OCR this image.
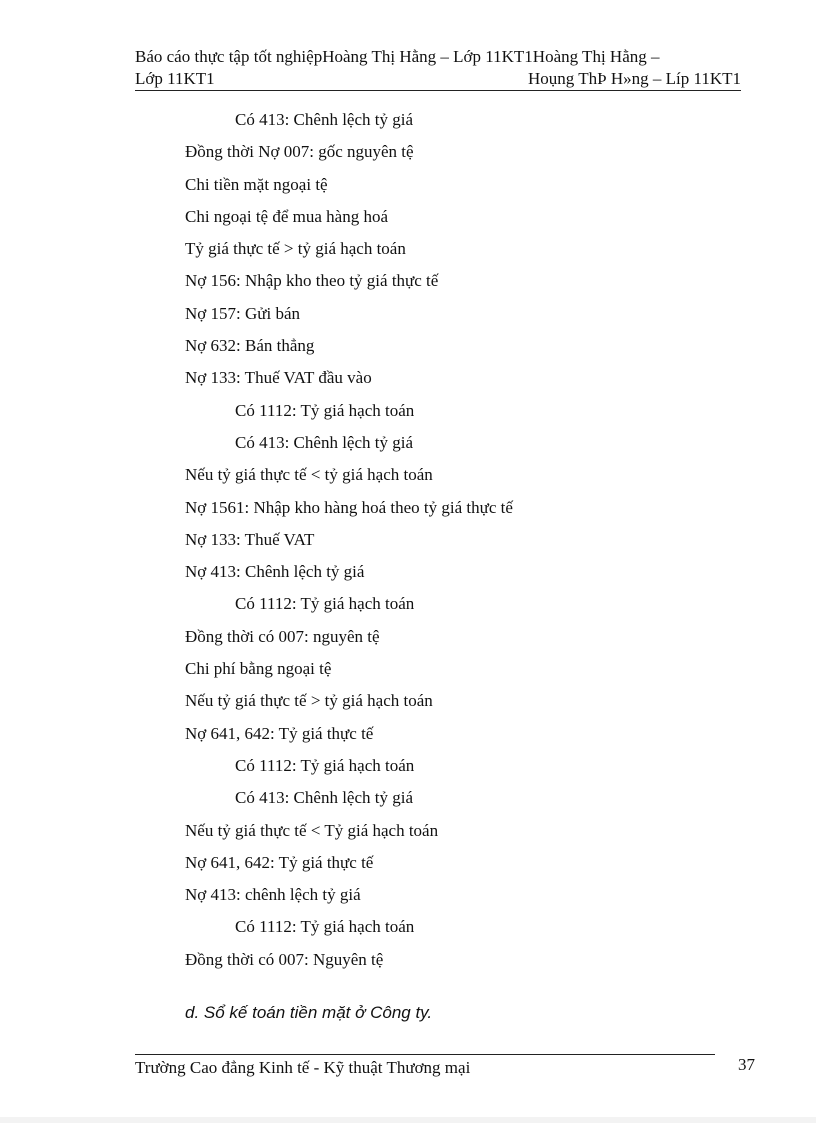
Báo cáo thực tập tốt nghiệpHoàng Thị Hằng – Lớp 11KT1Hoàng Thị Hằng –
Lớp 11KT1	Hoụng ThÞ H»ng – Líp 11KT1
Có 413: Chênh lệch tỷ giá
Đồng thời Nợ 007: gốc nguyên tệ
Chi tiền mặt ngoại tệ
Chi ngoại tệ để mua hàng hoá
Tỷ giá thực tế > tỷ giá hạch toán
Nợ 156: Nhập kho theo tỷ giá thực tế
Nợ 157: Gửi bán
Nợ 632: Bán thẳng
Nợ 133: Thuế VAT đầu vào
Có 1112: Tỷ giá hạch toán
Có 413: Chênh lệch tỷ giá
Nếu tỷ giá thực tế < tỷ giá hạch toán
Nợ 1561: Nhập kho hàng hoá theo tỷ giá thực tế
Nợ 133: Thuế VAT
Nợ 413: Chênh lệch tỷ giá
Có 1112: Tỷ giá hạch toán
Đồng thời có 007: nguyên tệ
Chi phí bằng ngoại tệ
Nếu tỷ giá thực tế > tỷ giá hạch toán
Nợ 641, 642: Tỷ giá thực tế
Có 1112: Tỷ giá hạch toán
Có 413: Chênh lệch tỷ giá
Nếu tỷ giá thực tế < Tỷ giá hạch toán
Nợ 641, 642: Tỷ giá thực tế
Nợ 413: chênh lệch tỷ giá
Có 1112: Tỷ giá hạch toán
Đồng thời có 007: Nguyên tệ
d. Sổ kế toán tiền mặt ở Công ty.
Trường Cao đẳng Kinh tế - Kỹ thuật Thương mại	37
